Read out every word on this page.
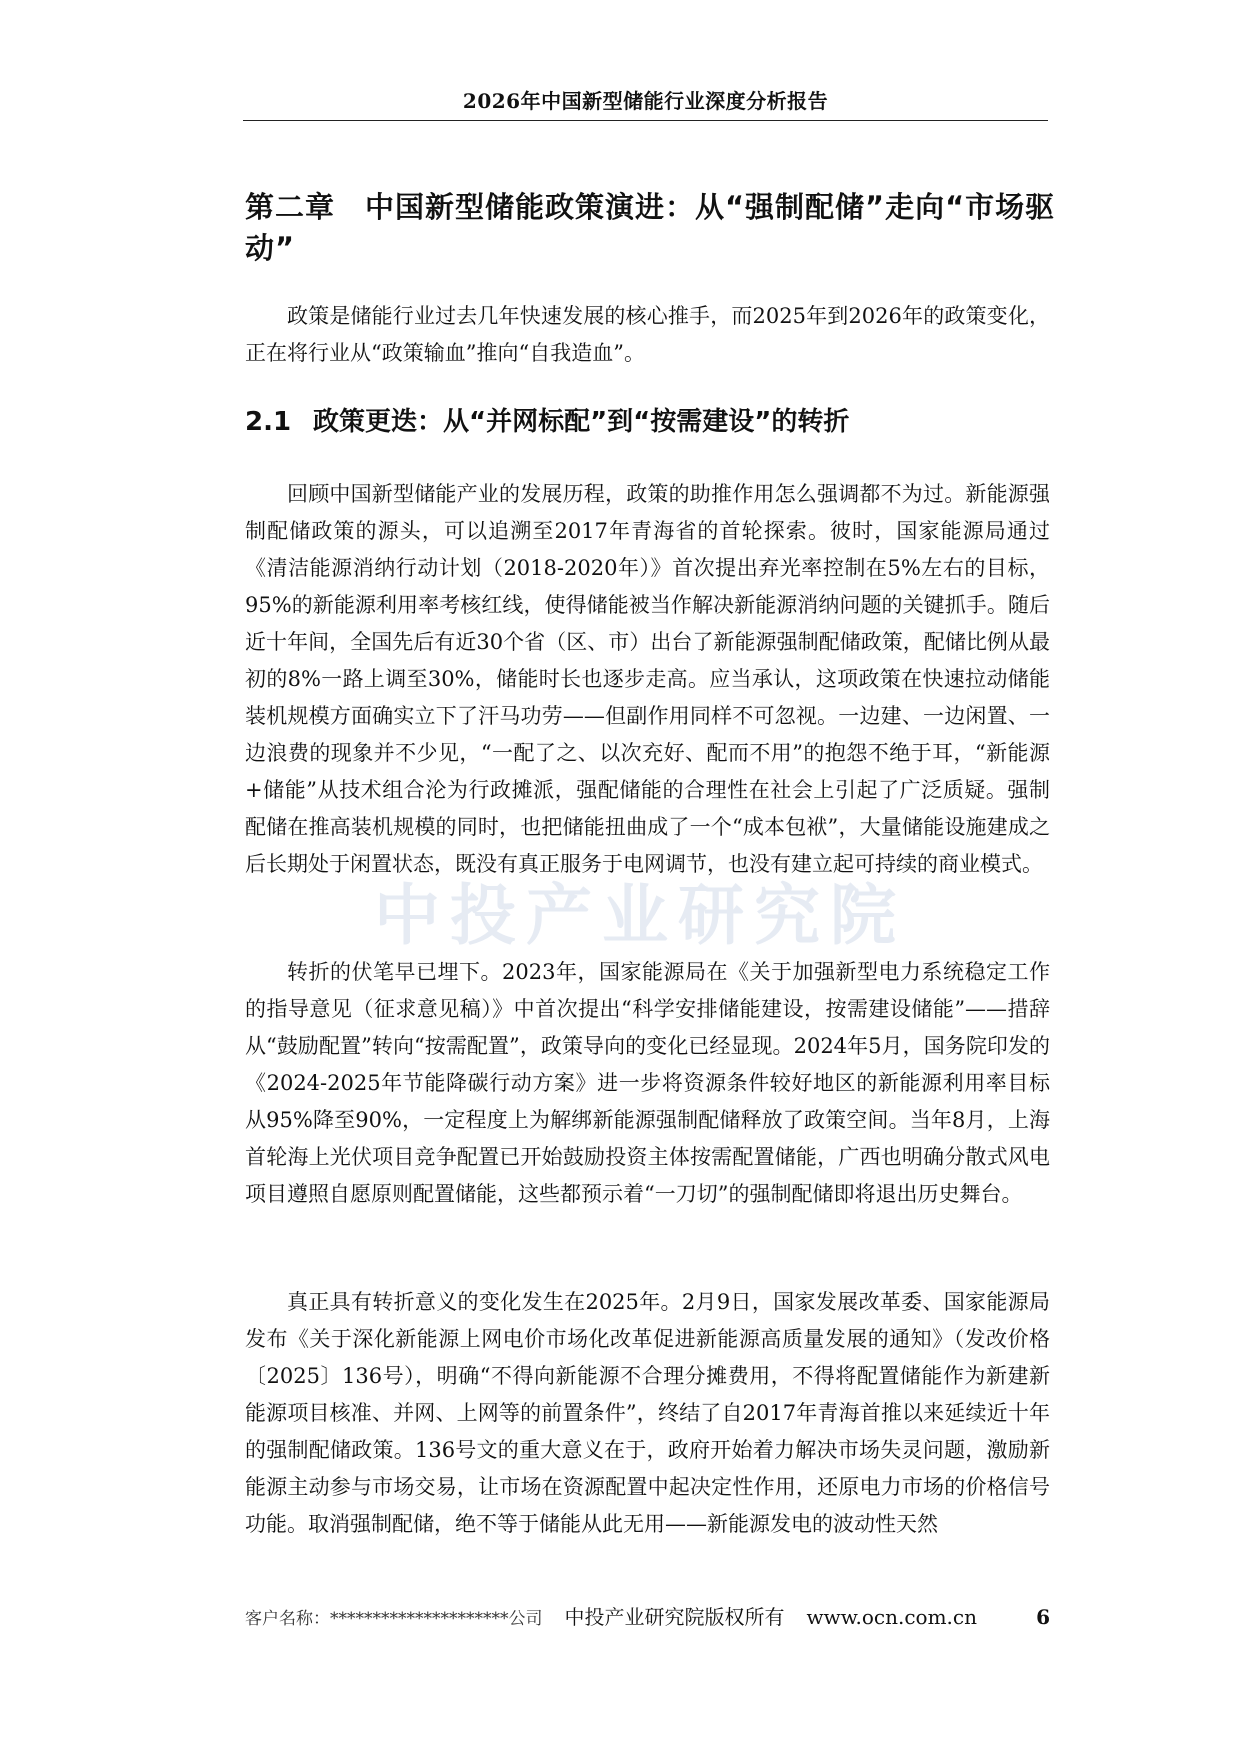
2026年中国新型储能行业深度分析报告
中投产业研究院
第二章　中国新型储能政策演进：从“强制配储”走向“市场驱动”

政策是储能行业过去几年快速发展的核心推手，而2025年到2026年的政策变化，正在将行业从“政策输血”推向“自我造血”。

2.1 政策更迭：从“并网标配”到“按需建设”的转折

回顾中国新型储能产业的发展历程，政策的助推作用怎么强调都不为过。新能源强制配储政策的源头，可以追溯至2017年青海省的首轮探索。彼时，国家能源局通过《清洁能源消纳行动计划（2018-2020年）》首次提出弃光率控制在5%左右的目标，95%的新能源利用率考核红线，使得储能被当作解决新能源消纳问题的关键抓手。随后近十年间，全国先后有近30个省（区、市）出台了新能源强制配储政策，配储比例从最初的8%一路上调至30%，储能时长也逐步走高。应当承认，这项政策在快速拉动储能装机规模方面确实立下了汗马功劳——但副作用同样不可忽视。一边建、一边闲置、一边浪费的现象并不少见，“一配了之、以次充好、配而不用”的抱怨不绝于耳，“新能源+储能”从技术组合沦为行政摊派，强配储能的合理性在社会上引起了广泛质疑。强制配储在推高装机规模的同时，也把储能扭曲成了一个“成本包袱”，大量储能设施建成之后长期处于闲置状态，既没有真正服务于电网调节，也没有建立起可持续的商业模式。

转折的伏笔早已埋下。2023年，国家能源局在《关于加强新型电力系统稳定工作的指导意见（征求意见稿）》中首次提出“科学安排储能建设，按需建设储能”——措辞从“鼓励配置”转向“按需配置”，政策导向的变化已经显现。2024年5月，国务院印发的《2024-2025年节能降碳行动方案》进一步将资源条件较好地区的新能源利用率目标从95%降至90%，一定程度上为解绑新能源强制配储释放了政策空间。当年8月，上海首轮海上光伏项目竞争配置已开始鼓励投资主体按需配置储能，广西也明确分散式风电项目遵照自愿原则配置储能，这些都预示着“一刀切”的强制配储即将退出历史舞台。

真正具有转折意义的变化发生在2025年。2月9日，国家发展改革委、国家能源局发布《关于深化新能源上网电价市场化改革促进新能源高质量发展的通知》（发改价格〔2025〕136号），明确“不得向新能源不合理分摊费用，不得将配置储能作为新建新能源项目核准、并网、上网等的前置条件”，终结了自2017年青海首推以来延续近十年的强制配储政策。136号文的重大意义在于，政府开始着力解决市场失灵问题，激励新能源主动参与市场交易，让市场在资源配置中起决定性作用，还原电力市场的价格信号功能。取消强制配储，绝不等于储能从此无用——新能源发电的波动性天然

客户名称：*********************公司 中投产业研究院版权所有 www.ocn.com.cn	6
